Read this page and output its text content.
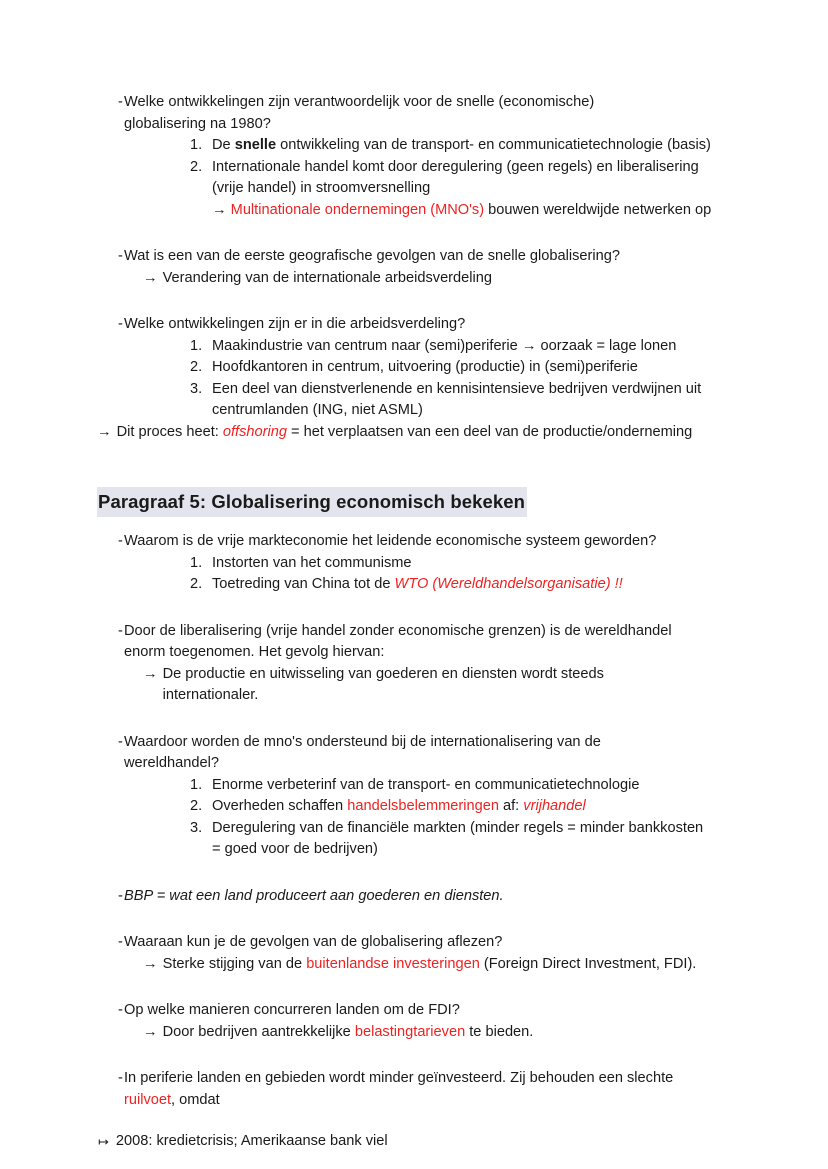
- Welke ontwikkelingen zijn verantwoordelijk voor de snelle (economische)
globalisering na 1980?
1. De snelle ontwikkeling van de transport- en communicatietechnologie (basis)
2. Internationale handel komt door deregulering (geen regels) en liberalisering
(vrije handel) in stroomversnelling
→ Multinationale ondernemingen (MNO's) bouwen wereldwijde netwerken op
- Wat is een van de eerste geografische gevolgen van de snelle globalisering?
→ Verandering van de internationale arbeidsverdeling
- Welke ontwikkelingen zijn er in die arbeidsverdeling?
1. Maakindustrie van centrum naar (semi)periferie → oorzaak = lage lonen
2. Hoofdkantoren in centrum, uitvoering (productie) in (semi)periferie
3. Een deel van dienstverlenende en kennisintensieve bedrijven verdwijnen uit
centrumlanden (ING, niet ASML)
→ Dit proces heet: offshoring = het verplaatsen van een deel van de productie/onderneming
Paragraaf 5: Globalisering economisch bekeken
- Waarom is de vrije markteconomie het leidende economische systeem geworden?
1. Instorten van het communisme
2. Toetreding van China tot de WTO (Wereldhandelsorganisatie) !!
- Door de liberalisering (vrije handel zonder economische grenzen) is de wereldhandel
enorm toegenomen. Het gevolg hiervan:
→ De productie en uitwisseling van goederen en diensten wordt steeds
internationaler.
- Waardoor worden de mno's ondersteund bij de internationalisering van de
wereldhandel?
1. Enorme verbeterinf van de transport- en communicatietechnologie
2. Overheden schaffen handelsbelemmeringen af: vrijhandel
3. Deregulering van de financiële markten (minder regels = minder bankkosten
= goed voor de bedrijven)
- BBP = wat een land produceert aan goederen en diensten.
- Waaraan kun je de gevolgen van de globalisering aflezen?
→ Sterke stijging van de buitenlandse investeringen (Foreign Direct Investment, FDI).
- Op welke manieren concurreren landen om de FDI?
→ Door bedrijven aantrekkelijke belastingtarieven te bieden.
- In periferie landen en gebieden wordt minder geïnvesteerd. Zij behouden een slechte
ruilvoet, omdat
↦ 2008: kredietcrisis; Amerikaanse bank viel
